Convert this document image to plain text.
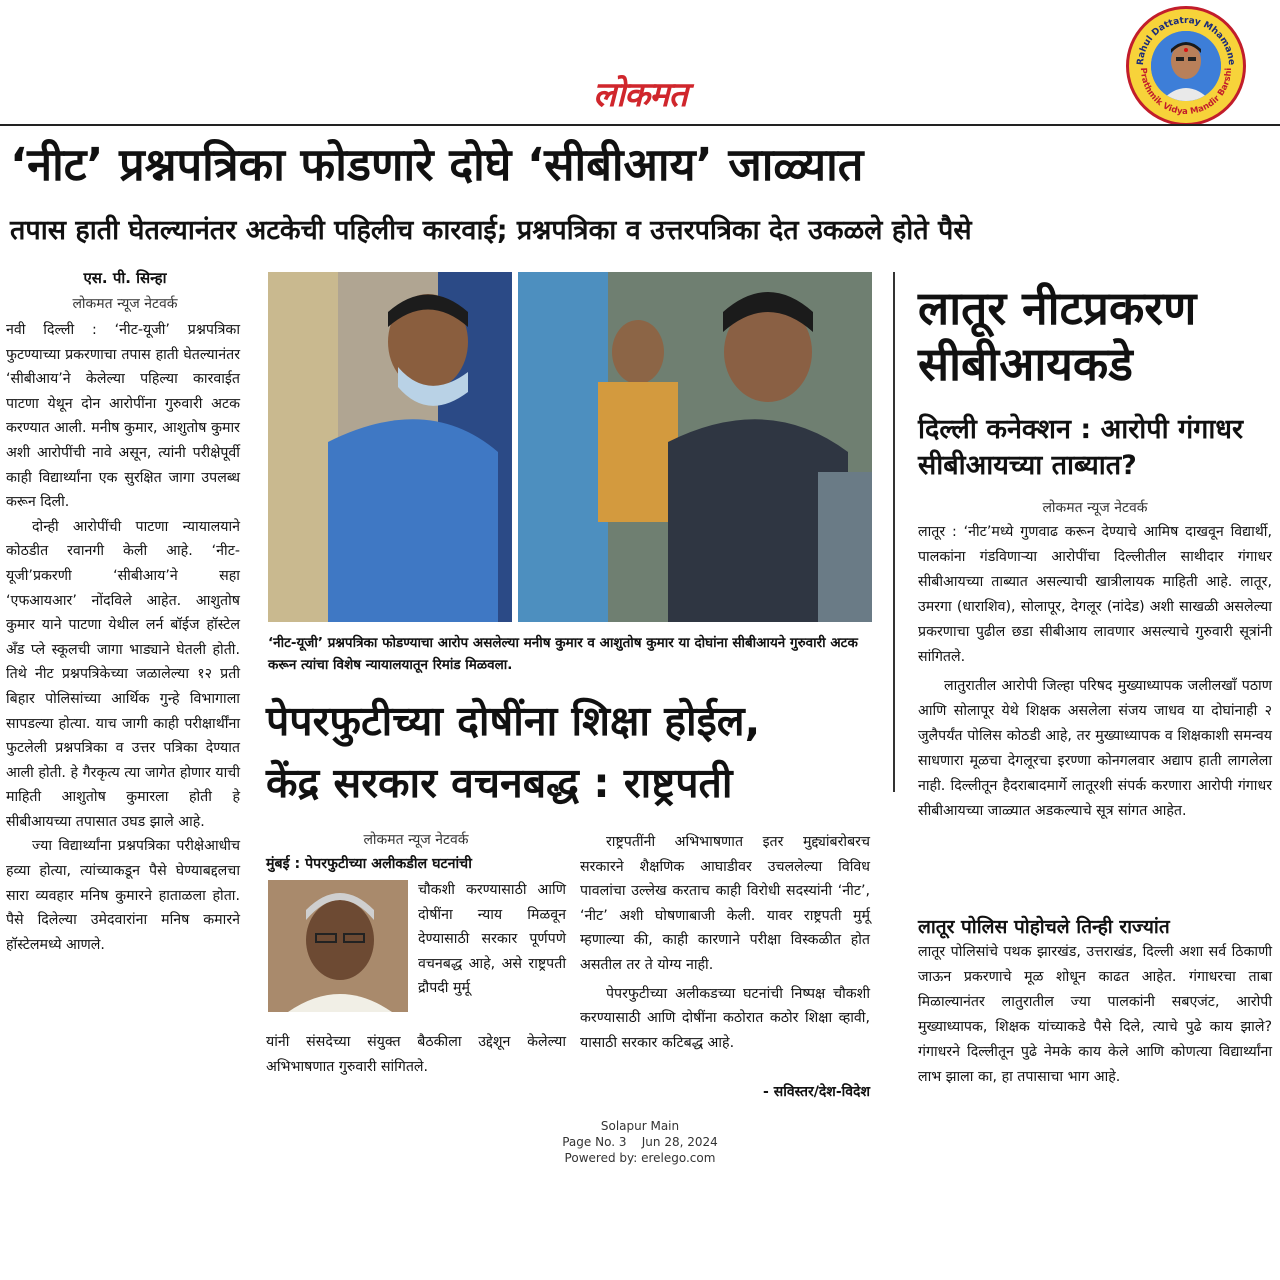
लोकमत
Rahul Dattatray Mhamane
Prathmik Vidya Mandir Barshi
‘नीट’ प्रश्नपत्रिका फोडणारे दोघे ‘सीबीआय’ जाळ्यात
तपास हाती घेतल्यानंतर अटकेची पहिलीच कारवाई; प्रश्नपत्रिका व उत्तरपत्रिका देत उकळले होते पैसे
एस. पी. सिन्हा
लोकमत न्यूज नेटवर्क

नवी दिल्ली : ‘नीट-यूजी’ प्रश्नपत्रिका फुटण्याच्या प्रकरणाचा तपास हाती घेतल्यानंतर ‘सीबीआय’ने केलेल्या पहिल्या कारवाईत पाटणा येथून दोन आरोपींना गुरुवारी अटक करण्यात आली. मनीष कुमार, आशुतोष कुमार अशी आरोपींची नावे असून, त्यांनी परीक्षेपूर्वी काही विद्यार्थ्यांना एक सुरक्षित जागा उपलब्ध करून दिली.

दोन्ही आरोपींची पाटणा न्यायालयाने कोठडीत रवानगी केली आहे. ‘नीट-यूजी’प्रकरणी ‘सीबीआय’ने सहा ‘एफआयआर’ नोंदविले आहेत. आशुतोष कुमार याने पाटणा येथील लर्न बॉईज हॉस्टेल अँड प्ले स्कूलची जागा भाड्याने घेतली होती. तिथे नीट प्रश्नपत्रिकेच्या जळालेल्या १२ प्रती बिहार पोलिसांच्या आर्थिक गुन्हे विभागाला सापडल्या होत्या. याच जागी काही परीक्षार्थींना फुटलेली प्रश्नपत्रिका व उत्तर पत्रिका देण्यात आली होती. हे गैरकृत्य त्या जागेत होणार याची माहिती आशुतोष कुमारला होती हे सीबीआयच्या तपासात उघड झाले आहे.

ज्या विद्यार्थ्यांना प्रश्नपत्रिका परीक्षेआधीच हव्या होत्या, त्यांच्याकडून पैसे घेण्याबद्दलचा सारा व्यवहार मनिष कुमारने हाताळला होता. पैसे दिलेल्या उमेदवारांना मनिष कमारने हॉस्टेलमध्ये आणले.

‘नीट-यूजी’ प्रश्नपत्रिका फोडण्याचा आरोप असलेल्या मनीष कुमार व आशुतोष कुमार या दोघांना सीबीआयने गुरुवारी अटक करून त्यांचा विशेष न्यायालयातून रिमांड मिळवला.
पेपरफुटीच्या दोषींना शिक्षा होईल,
केंद्र सरकार वचनबद्ध : राष्ट्रपती
लोकमत न्यूज नेटवर्क
मुंबई : पेपरफुटीच्या अलीकडील घटनांची
चौकशी करण्यासाठी आणि दोषींना न्याय मिळवून देण्यासाठी सरकार पूर्णपणे वचनबद्ध आहे, असे राष्ट्रपती द्रौपदी मुर्मू
यांनी संसदेच्या संयुक्त बैठकीला उद्देशून केलेल्या अभिभाषणात गुरुवारी सांगितले.

राष्ट्रपतींनी अभिभाषणात इतर मुद्द्यांबरोबरच सरकारने शैक्षणिक आघाडीवर उचललेल्या विविध पावलांचा उल्लेख करताच काही विरोधी सदस्यांनी ‘नीट’, ‘नीट’ अशी घोषणाबाजी केली. यावर राष्ट्रपती मुर्मू म्हणाल्या की, काही कारणाने परीक्षा विस्कळीत होत असतील तर ते योग्य नाही.

पेपरफुटीच्या अलीकडच्या घटनांची निष्पक्ष चौकशी करण्यासाठी आणि दोषींना कठोरात कठोर शिक्षा व्हावी, यासाठी सरकार कटिबद्ध आहे.

- सविस्तर/देश-विदेश
लातूर नीटप्रकरण सीबीआयकडे
दिल्ली कनेक्शन : आरोपी गंगाधर सीबीआयच्या ताब्यात?
लोकमत न्यूज नेटवर्क

लातूर : ‘नीट’मध्ये गुणवाढ करून देण्याचे आमिष दाखवून विद्यार्थी, पालकांना गंडविणाऱ्या आरोपींचा दिल्लीतील साथीदार गंगाधर सीबीआयच्या ताब्यात असल्याची खात्रीलायक माहिती आहे. लातूर, उमरगा (धाराशिव), सोलापूर, देगलूर (नांदेड) अशी साखळी असलेल्या प्रकरणाचा पुढील छडा सीबीआय लावणार असल्याचे गुरुवारी सूत्रांनी सांगितले.

लातुरातील आरोपी जिल्हा परिषद मुख्याध्यापक जलीलखाँ पठाण आणि सोलापूर येथे शिक्षक असलेला संजय जाधव या दोघांनाही २ जुलैपर्यंत पोलिस कोठडी आहे, तर मुख्याध्यापक व शिक्षकाशी समन्वय साधणारा मूळचा देगलूरचा इरण्णा कोनगलवार अद्याप हाती लागलेला नाही. दिल्लीतून हैदराबादमार्गे लातूरशी संपर्क करणारा आरोपी गंगाधर सीबीआयच्या जाळ्यात अडकल्याचे सूत्र सांगत आहेत.

लातूर पोलिस पोहोचले तिन्ही राज्यांत
लातूर पोलिसांचे पथक झारखंड, उत्तराखंड, दिल्ली अशा सर्व ठिकाणी जाऊन प्रकरणाचे मूळ शोधून काढत आहेत. गंगाधरचा ताबा मिळाल्यानंतर लातुरातील ज्या पालकांनी सबएजंट, आरोपी मुख्याध्यापक, शिक्षक यांच्याकडे पैसे दिले, त्याचे पुढे काय झाले? गंगाधरने दिल्लीतून पुढे नेमके काय केले आणि कोणत्या विद्यार्थ्यांना लाभ झाला का, हा तपासाचा भाग आहे.
Solapur Main
Page No. 3 Jun 28, 2024
Powered by: erelego.com
